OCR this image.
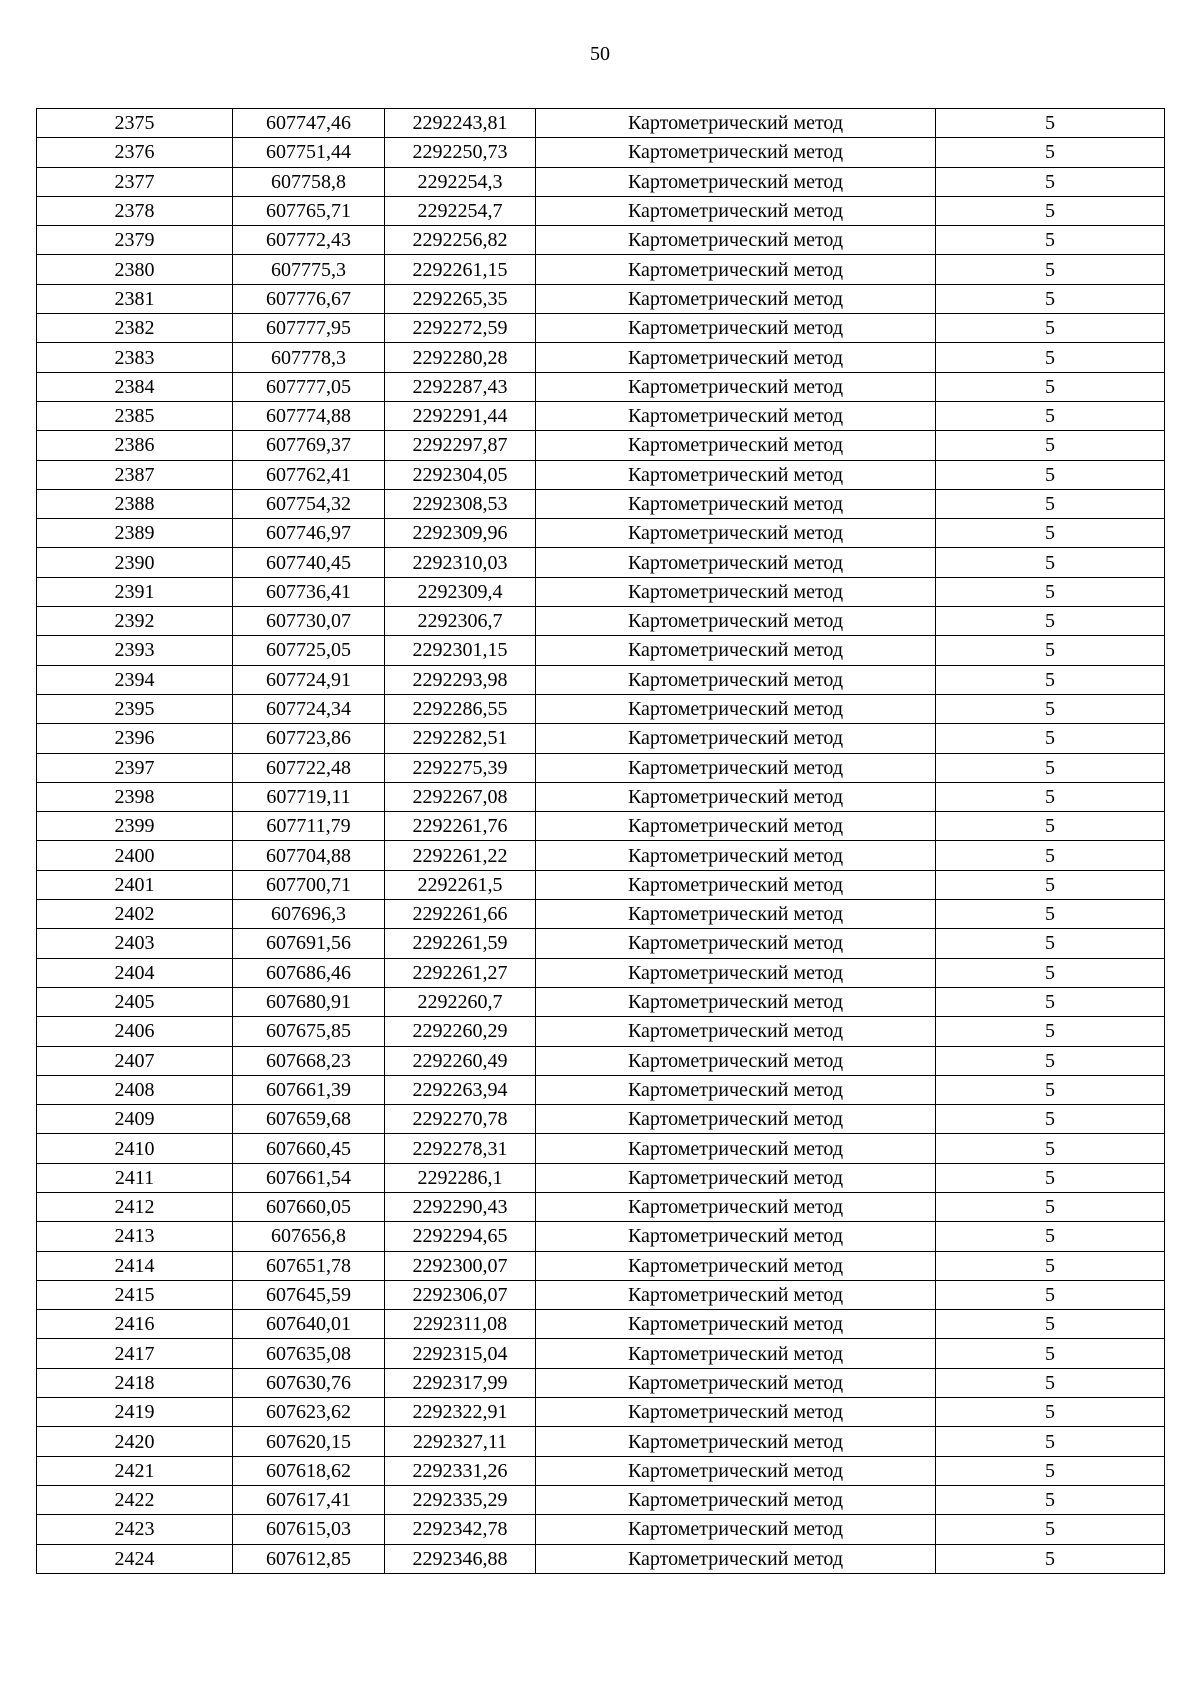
50
2375	607747,46	2292243,81	Картометрический метод	5
2376	607751,44	2292250,73	Картометрический метод	5
2377	607758,8	2292254,3	Картометрический метод	5
2378	607765,71	2292254,7	Картометрический метод	5
2379	607772,43	2292256,82	Картометрический метод	5
2380	607775,3	2292261,15	Картометрический метод	5
2381	607776,67	2292265,35	Картометрический метод	5
2382	607777,95	2292272,59	Картометрический метод	5
2383	607778,3	2292280,28	Картометрический метод	5
2384	607777,05	2292287,43	Картометрический метод	5
2385	607774,88	2292291,44	Картометрический метод	5
2386	607769,37	2292297,87	Картометрический метод	5
2387	607762,41	2292304,05	Картометрический метод	5
2388	607754,32	2292308,53	Картометрический метод	5
2389	607746,97	2292309,96	Картометрический метод	5
2390	607740,45	2292310,03	Картометрический метод	5
2391	607736,41	2292309,4	Картометрический метод	5
2392	607730,07	2292306,7	Картометрический метод	5
2393	607725,05	2292301,15	Картометрический метод	5
2394	607724,91	2292293,98	Картометрический метод	5
2395	607724,34	2292286,55	Картометрический метод	5
2396	607723,86	2292282,51	Картометрический метод	5
2397	607722,48	2292275,39	Картометрический метод	5
2398	607719,11	2292267,08	Картометрический метод	5
2399	607711,79	2292261,76	Картометрический метод	5
2400	607704,88	2292261,22	Картометрический метод	5
2401	607700,71	2292261,5	Картометрический метод	5
2402	607696,3	2292261,66	Картометрический метод	5
2403	607691,56	2292261,59	Картометрический метод	5
2404	607686,46	2292261,27	Картометрический метод	5
2405	607680,91	2292260,7	Картометрический метод	5
2406	607675,85	2292260,29	Картометрический метод	5
2407	607668,23	2292260,49	Картометрический метод	5
2408	607661,39	2292263,94	Картометрический метод	5
2409	607659,68	2292270,78	Картометрический метод	5
2410	607660,45	2292278,31	Картометрический метод	5
2411	607661,54	2292286,1	Картометрический метод	5
2412	607660,05	2292290,43	Картометрический метод	5
2413	607656,8	2292294,65	Картометрический метод	5
2414	607651,78	2292300,07	Картометрический метод	5
2415	607645,59	2292306,07	Картометрический метод	5
2416	607640,01	2292311,08	Картометрический метод	5
2417	607635,08	2292315,04	Картометрический метод	5
2418	607630,76	2292317,99	Картометрический метод	5
2419	607623,62	2292322,91	Картометрический метод	5
2420	607620,15	2292327,11	Картометрический метод	5
2421	607618,62	2292331,26	Картометрический метод	5
2422	607617,41	2292335,29	Картометрический метод	5
2423	607615,03	2292342,78	Картометрический метод	5
2424	607612,85	2292346,88	Картометрический метод	5
